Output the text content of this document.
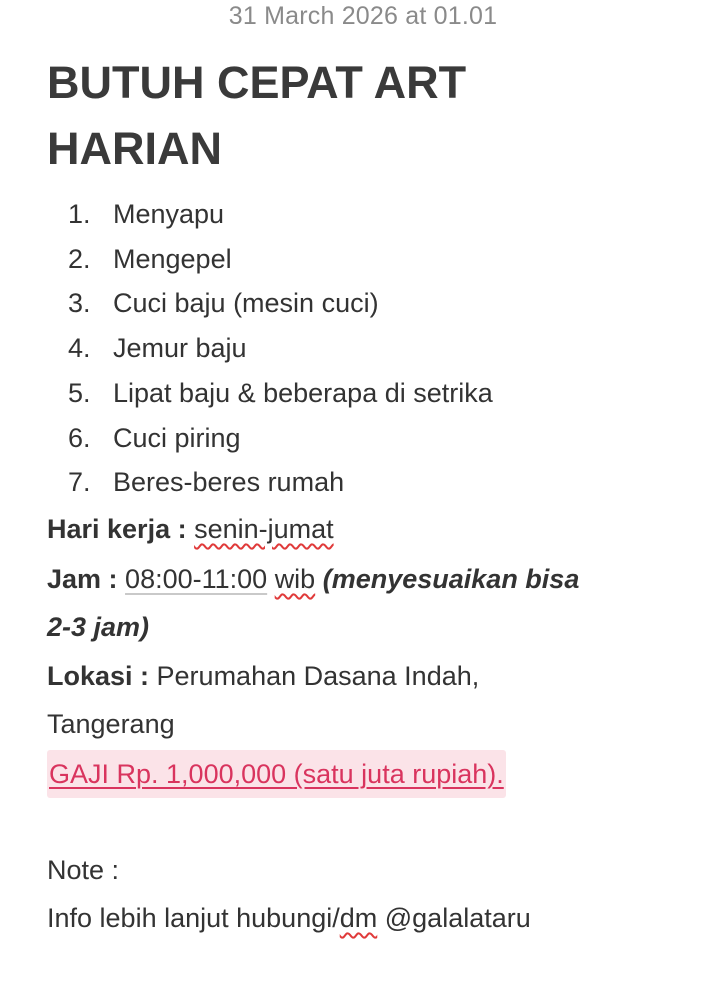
31 March 2026 at 01.01
BUTUH CEPAT ART HARIAN
1. Menyapu
2. Mengepel
3. Cuci baju (mesin cuci)
4. Jemur baju
5. Lipat baju & beberapa di setrika
6. Cuci piring
7. Beres-beres rumah
Hari kerja : senin-jumat
Jam : 08:00-11:00 wib (menyesuaikan bisa
2-3 jam)
Lokasi : Perumahan Dasana Indah,
Tangerang
GAJI Rp. 1,000,000 (satu juta rupiah).
Note :
Info lebih lanjut hubungi/dm @galalataru
